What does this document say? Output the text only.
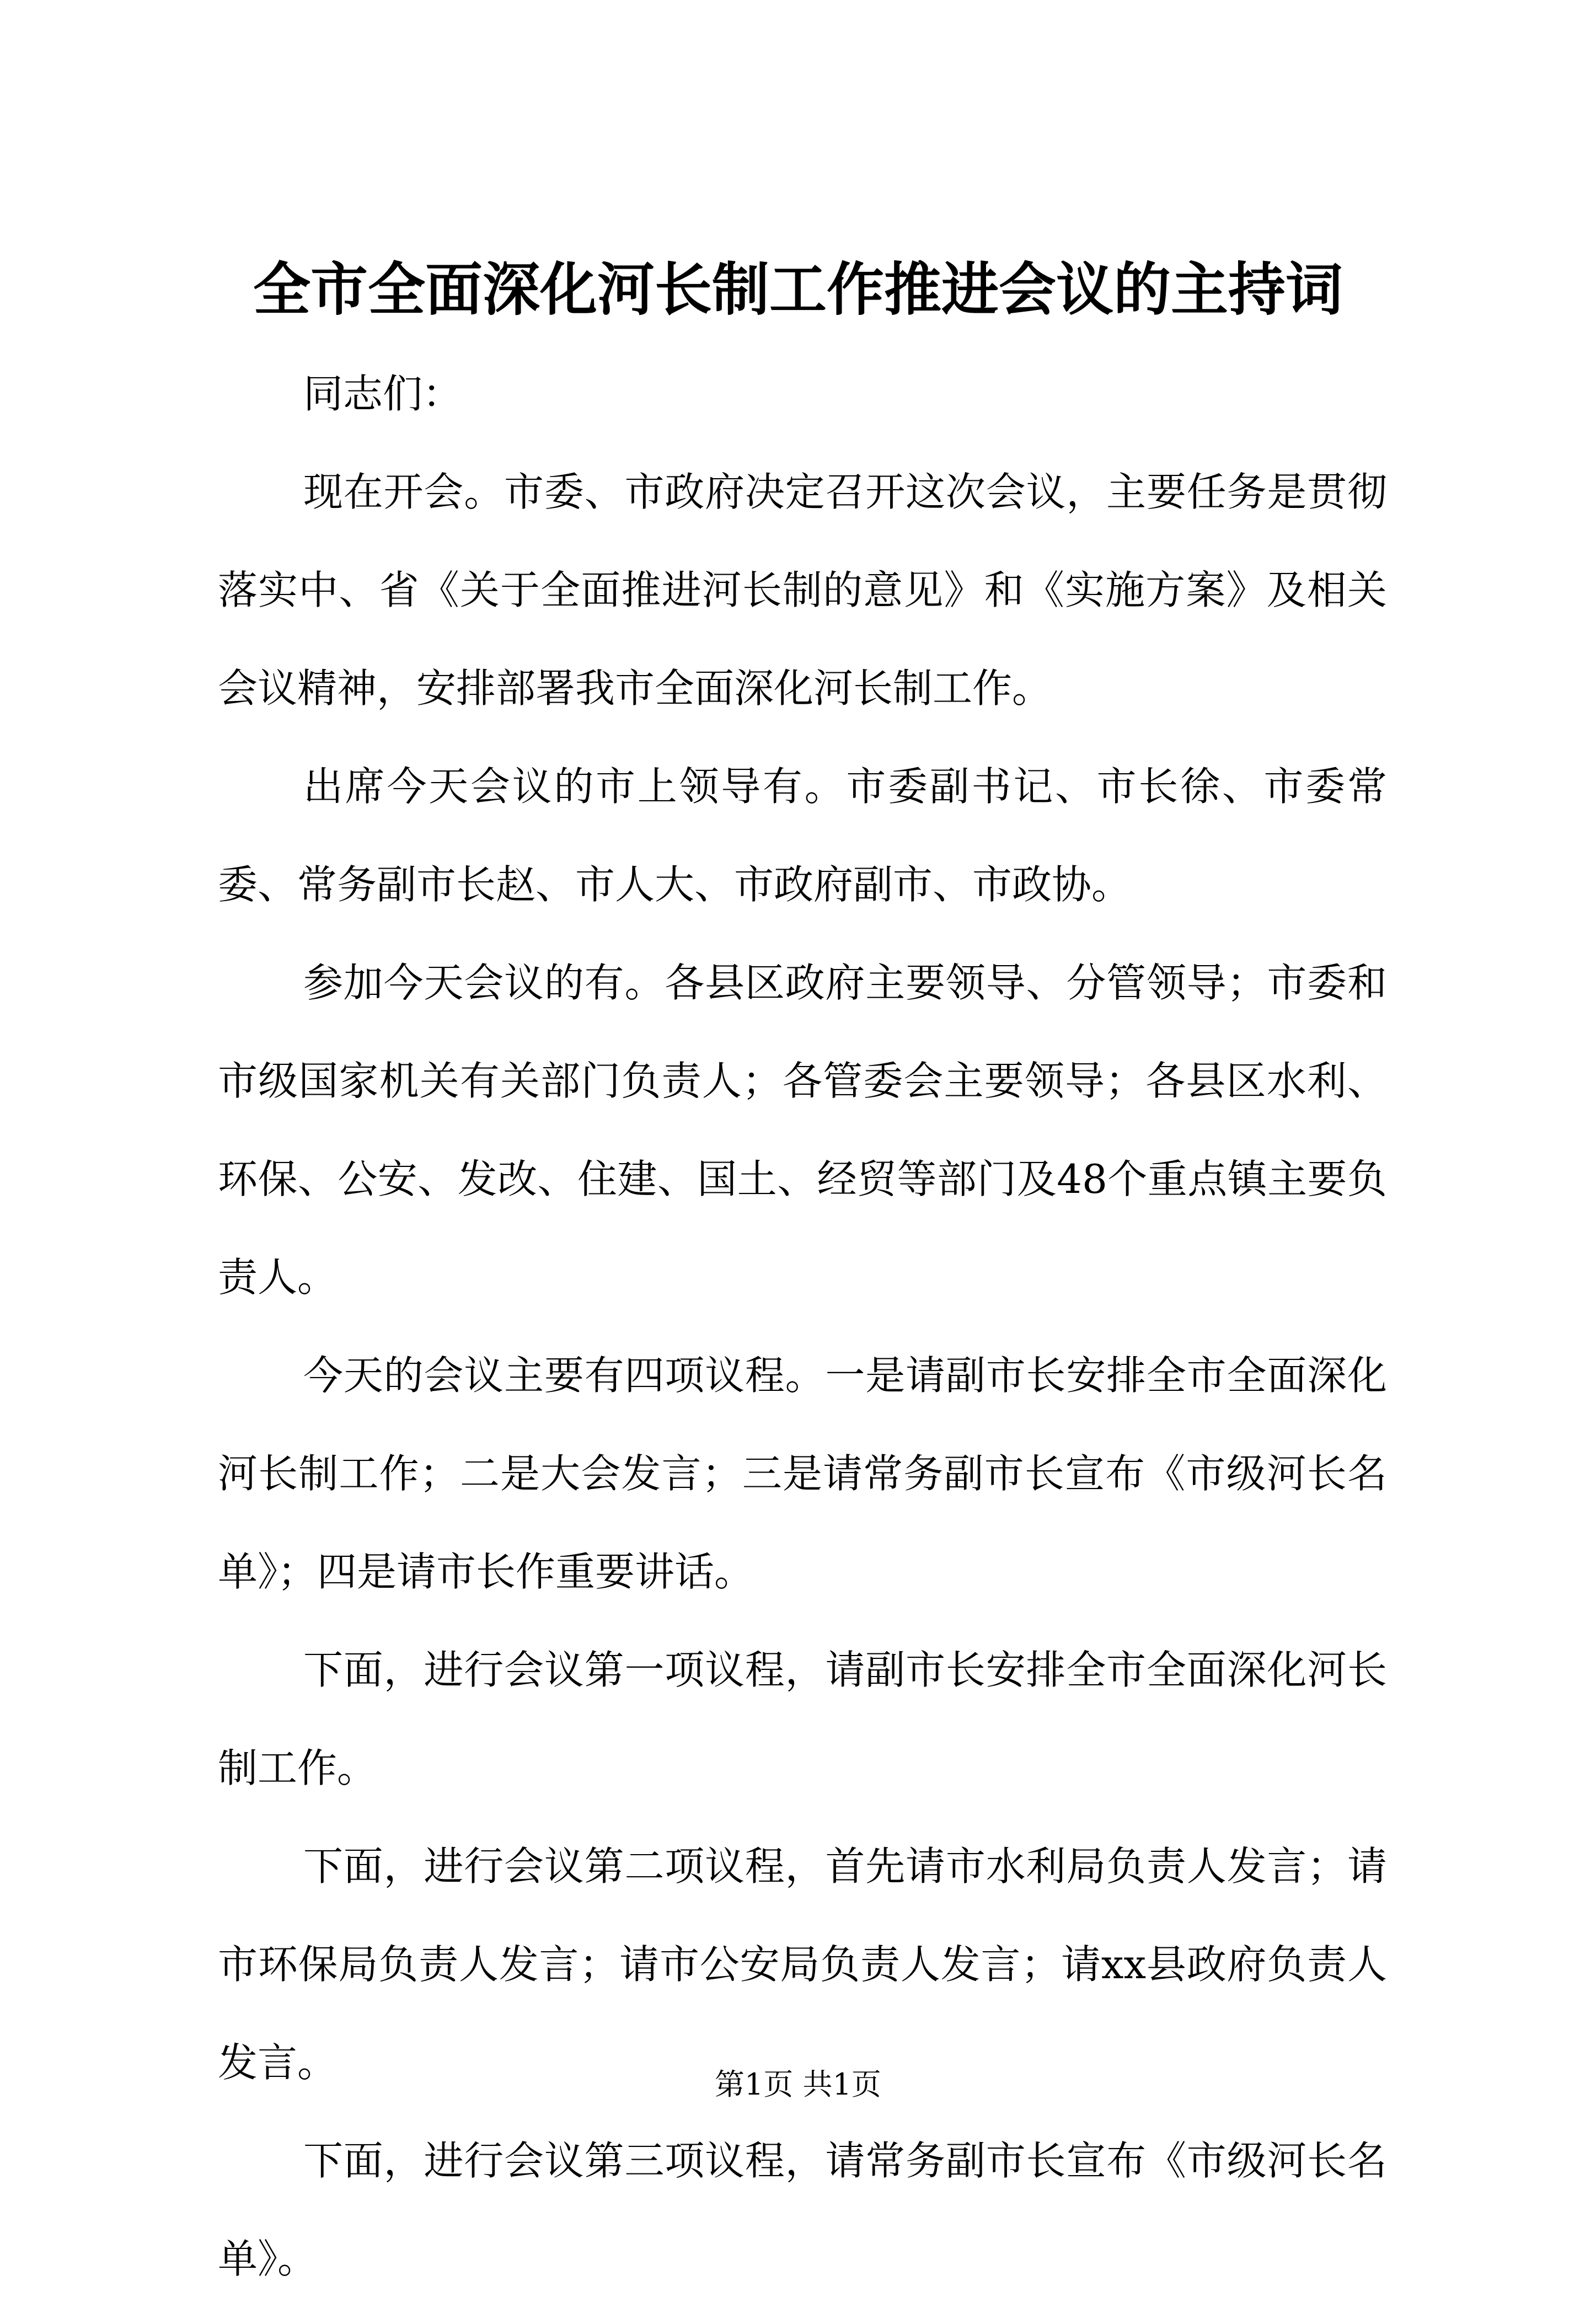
全市全面深化河长制工作推进会议的主持词

同志们：

现在开会。市委、市政府决定召开这次会议，主要任务是贯彻落实中、省《关于全面推进河长制的意见》和《实施方案》及相关会议精神，安排部署我市全面深化河长制工作。

出席今天会议的市上领导有。市委副书记、市长徐、市委常委、常务副市长赵、市人大、市政府副市、市政协。

参加今天会议的有。各县区政府主要领导、分管领导；市委和市级国家机关有关部门负责人；各管委会主要领导；各县区水利、环保、公安、发改、住建、国土、经贸等部门及48个重点镇主要负责人。

今天的会议主要有四项议程。一是请副市长安排全市全面深化河长制工作；二是大会发言；三是请常务副市长宣布《市级河长名单》；四是请市长作重要讲话。

下面，进行会议第一项议程，请副市长安排全市全面深化河长制工作。

下面，进行会议第二项议程，首先请市水利局负责人发言；请市环保局负责人发言；请市公安局负责人发言；请xx县政府负责人发言。

下面，进行会议第三项议程，请常务副市长宣布《市级河长名单》。

第1页 共1页
